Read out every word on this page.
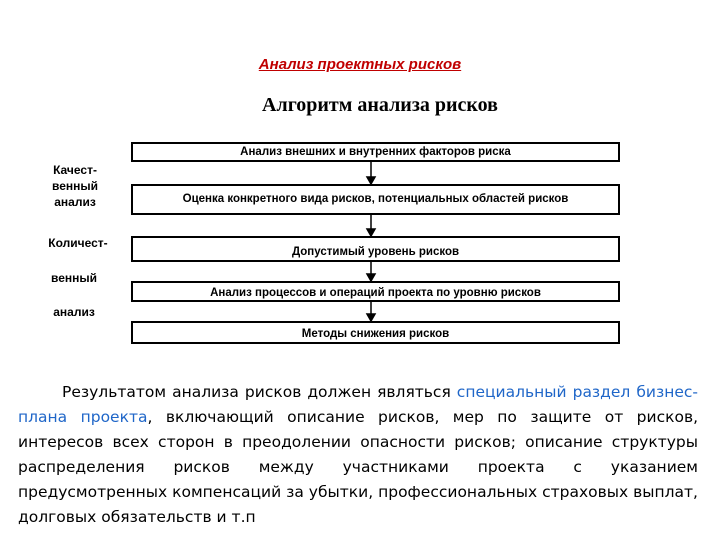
Анализ проектных рисков
Алгоритм анализа рисков
Анализ внешних и внутренних факторов риска
Оценка конкретного вида рисков, потенциальных областей рисков
Допустимый уровень рисков
Анализ процессов и операций проекта по уровню рисков
Методы снижения рисков
Качест-
венный
анализ
Количест-
венный
анализ
Результатом анализа рисков должен являться специальный раздел бизнес-плана проекта, включающий описание рисков, мер по защите от рисков, интересов всех сторон в преодолении опасности рисков; описание структуры распределения рисков между участниками проекта с указанием предусмотренных компенсаций за убытки, профессиональных страховых выплат, долговых обязательств и т.п
